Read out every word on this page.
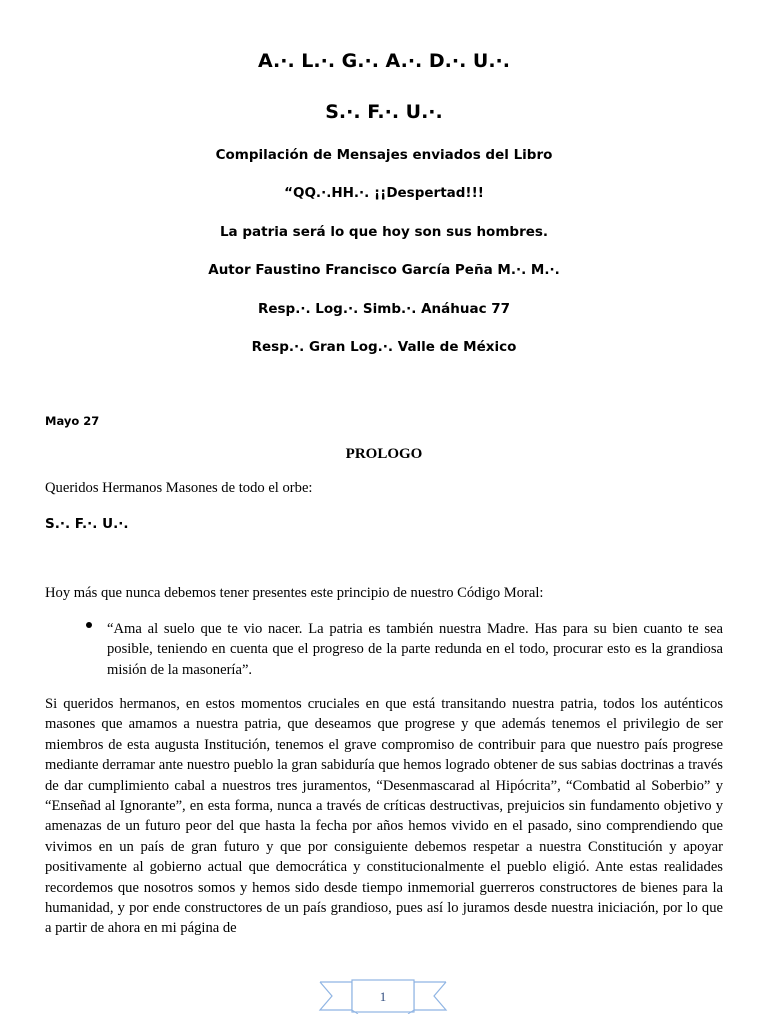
A.·. L.·. G.·. A.·. D.·. U.·.
S.·. F.·. U.·.
Compilación de Mensajes enviados del Libro
“QQ.·.HH.·. ¡¡Despertad!!!
La patria será lo que hoy son sus hombres.
Autor Faustino Francisco García Peña M.·. M.·.
Resp.·. Log.·. Simb.·. Anáhuac 77
Resp.·. Gran Log.·. Valle de México
Mayo 27
PROLOGO
Queridos Hermanos Masones de todo el orbe:
S.·. F.·. U.·.
Hoy más que nunca debemos tener presentes este principio de nuestro Código Moral:
“Ama al suelo que te vio nacer. La patria es también nuestra Madre. Has para su bien cuanto te sea posible, teniendo en cuenta que el progreso de la parte redunda en el todo, procurar esto es la grandiosa misión de la masonería”.
Si queridos hermanos, en estos momentos cruciales en que está transitando nuestra patria, todos los auténticos masones que amamos a nuestra patria, que deseamos que progrese y que además tenemos el privilegio de ser miembros de esta augusta Institución, tenemos el grave compromiso de contribuir para que nuestro país progrese mediante derramar ante nuestro pueblo la gran sabiduría que hemos logrado obtener de sus sabias doctrinas a través de dar cumplimiento cabal a nuestros tres juramentos, “Desenmascarad al Hipócrita”, “Combatid al Soberbio” y “Enseñad al Ignorante”, en esta forma, nunca a través de críticas destructivas, prejuicios sin fundamento objetivo y amenazas de un futuro peor del que hasta la fecha por años hemos vivido en el pasado, sino comprendiendo que vivimos en un país de gran futuro y que por consiguiente debemos respetar a nuestra Constitución y apoyar positivamente al gobierno actual que democrática y constitucionalmente el pueblo eligió. Ante estas realidades recordemos que nosotros somos y hemos sido desde tiempo inmemorial guerreros constructores de bienes para la humanidad, y por ende constructores de un país grandioso, pues así lo juramos desde nuestra iniciación, por lo que a partir de ahora en mi página de
1
